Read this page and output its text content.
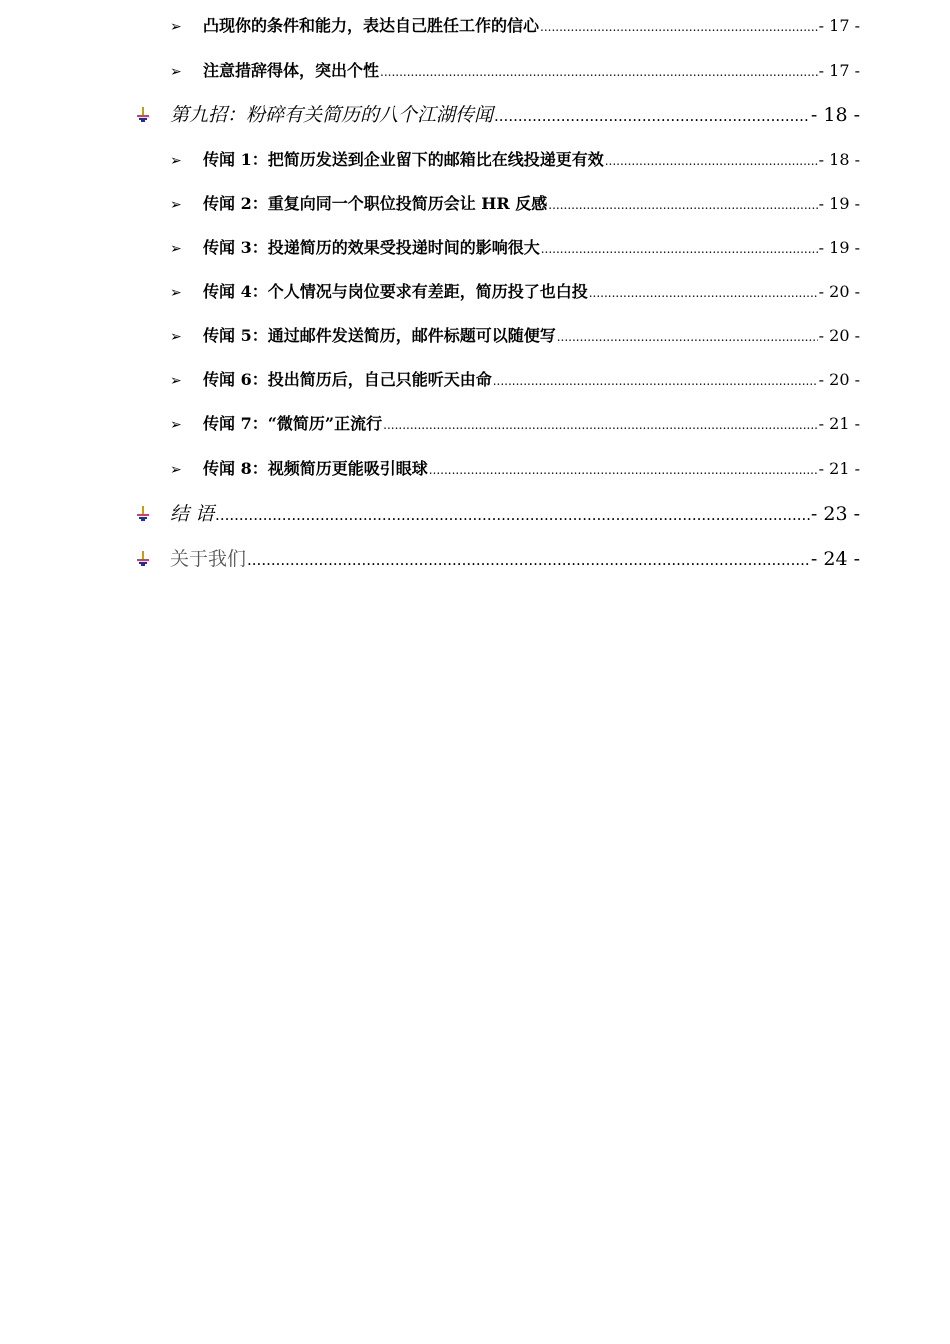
➢	凸现你的条件和能力，表达自己胜任工作的信心 .....	- 17 -
➢	注意措辞得体，突出个性 .....	- 17 -
第九招：粉碎有关简历的八个江湖传闻 .....	- 18 -
➢	传闻 1：把简历发送到企业留下的邮箱比在线投递更有效 .....	- 18 -
➢	传闻 2：重复向同一个职位投简历会让 HR 反感 .....	- 19 -
➢	传闻 3：投递简历的效果受投递时间的影响很大 .....	- 19 -
➢	传闻 4：个人情况与岗位要求有差距，简历投了也白投 .....	- 20 -
➢	传闻 5：通过邮件发送简历，邮件标题可以随便写 .....	- 20 -
➢	传闻 6：投出简历后，自己只能听天由命 .....	- 20 -
➢	传闻 7：“微简历”正流行 .....	- 21 -
➢	传闻 8：视频简历更能吸引眼球 .....	- 21 -
结 语 .....	- 23 -
关于我们 .....	- 24 -
